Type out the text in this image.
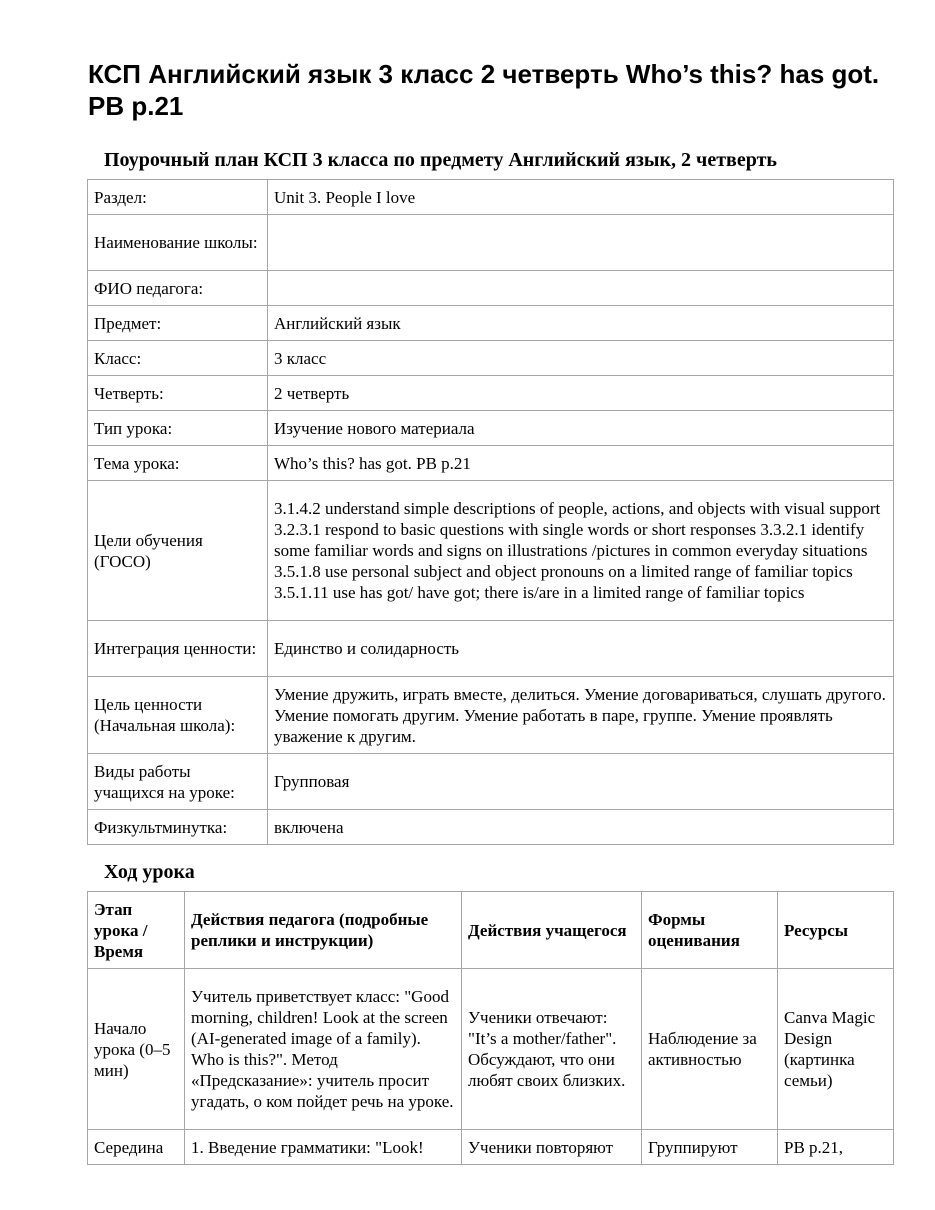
КСП Английский язык 3 класс 2 четверть Who’s this? has got. PB p.21
Поурочный план КСП 3 класса по предмету Английский язык, 2 четверть
Раздел:	Unit 3. People I love
Наименование школы:	
ФИО педагога:	
Предмет:	Английский язык
Класс:	3 класс
Четверть:	2 четверть
Тип урока:	Изучение нового материала
Тема урока:	Who’s this? has got. PB p.21
Цели обучения (ГОСО)	3.1.4.2 understand simple descriptions of people, actions, and objects with visual support 3.2.3.1 respond to basic questions with single words or short responses 3.3.2.1 identify some familiar words and signs on illustrations /pictures in common everyday situations 3.5.1.8 use personal subject and object pronouns on a limited range of familiar topics 3.5.1.11 use has got/ have got; there is/are in a limited range of familiar topics
Интеграция ценности:	Единство и солидарность
Цель ценности (Начальная школа):	Умение дружить, играть вместе, делиться. Умение договариваться, слушать другого. Умение помогать другим. Умение работать в паре, группе. Умение проявлять уважение к другим.
Виды работы учащихся на уроке:	Групповая
Физкультминутка:	включена
Ход урока
Этап урока / Время	Действия педагога (подробные реплики и инструкции)	Действия учащегося	Формы оценивания	Ресурсы
Начало урока (0–5 мин)	Учитель приветствует класс: "Good morning, children! Look at the screen (AI-generated image of a family). Who is this?". Метод «Предсказание»: учитель просит угадать, о ком пойдет речь на уроке.	Ученики отвечают: "It’s a mother/father". Обсуждают, что они любят своих близких.	Наблюдение за активностью	Canva Magic Design (картинка семьи)
Середина	1. Введение грамматики: "Look!	Ученики повторяют	Группируют	PB p.21,
